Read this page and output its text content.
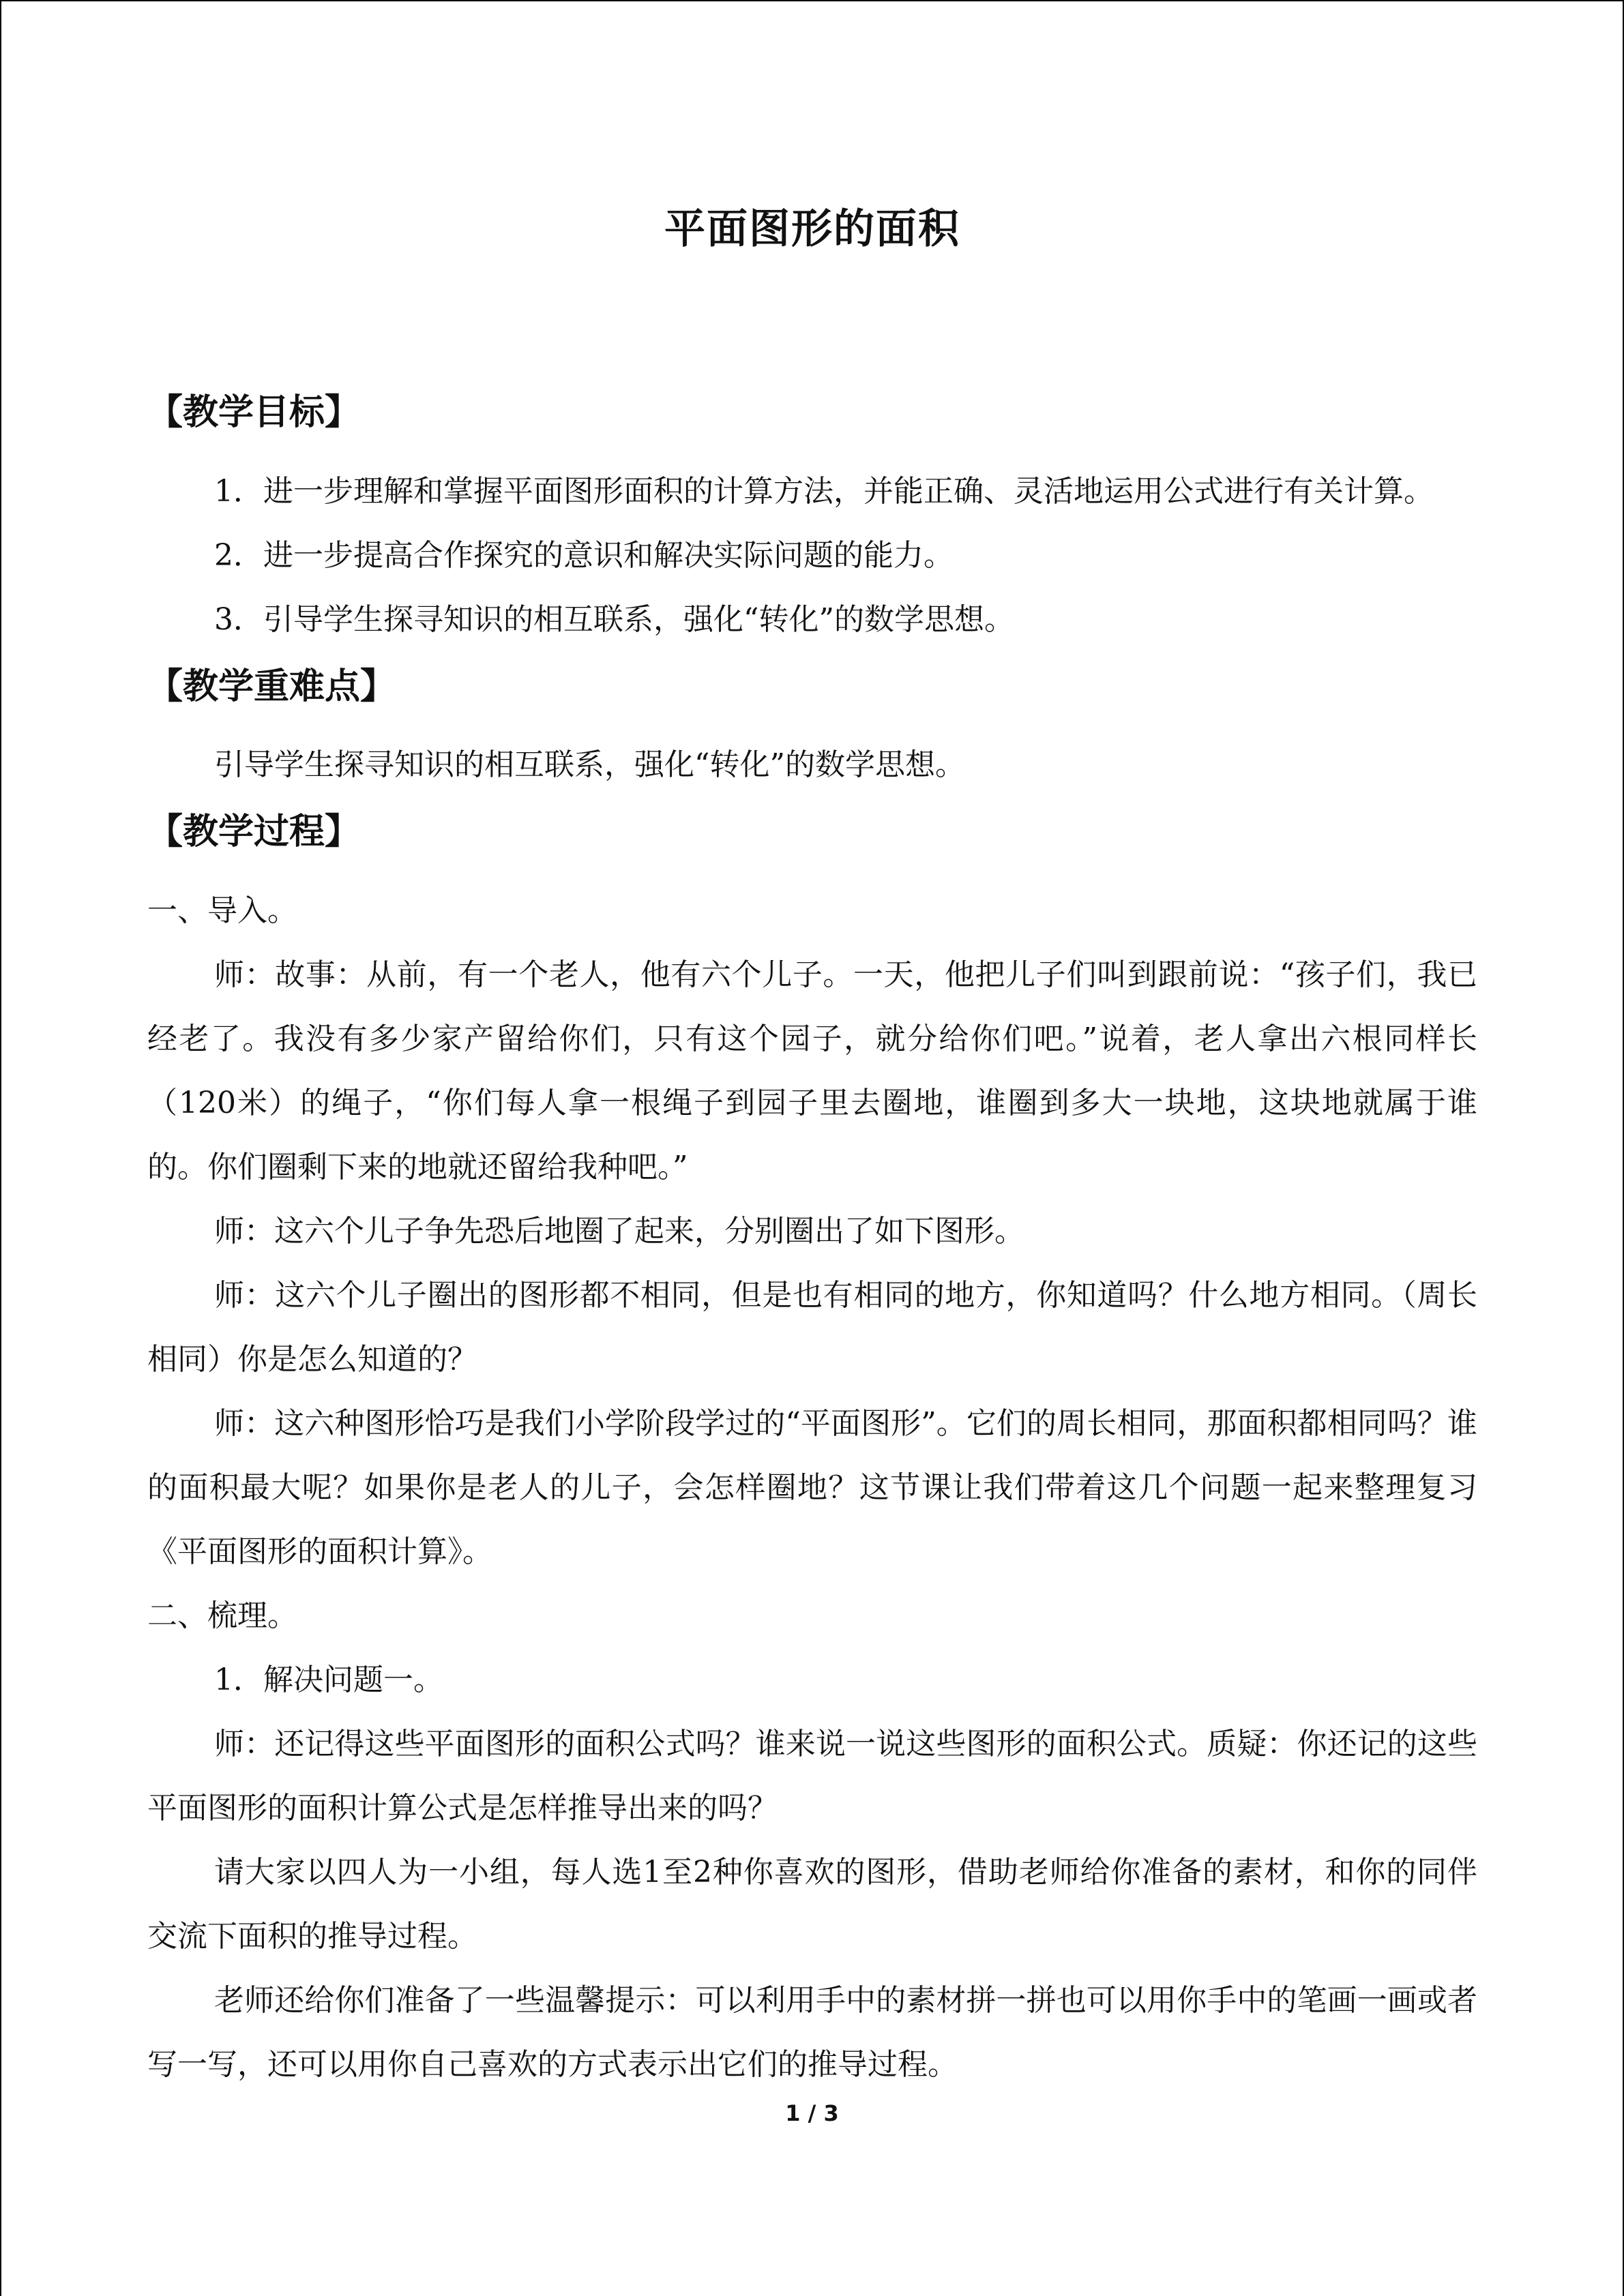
平面图形的面积
【教学目标】

1．进一步理解和掌握平面图形面积的计算方法，并能正确、灵活地运用公式进行有关计算。

2．进一步提高合作探究的意识和解决实际问题的能力。

3．引导学生探寻知识的相互联系，强化“转化”的数学思想。

【教学重难点】

引导学生探寻知识的相互联系，强化“转化”的数学思想。

【教学过程】

一、导入。

师：故事：从前，有一个老人，他有六个儿子。一天，他把儿子们叫到跟前说：“孩子们，我已经老了。我没有多少家产留给你们，只有这个园子，就分给你们吧。”说着，老人拿出六根同样长（120米）的绳子，“你们每人拿一根绳子到园子里去圈地，谁圈到多大一块地，这块地就属于谁的。你们圈剩下来的地就还留给我种吧。”

师：这六个儿子争先恐后地圈了起来，分别圈出了如下图形。

师：这六个儿子圈出的图形都不相同，但是也有相同的地方，你知道吗？什么地方相同。（周长相同）你是怎么知道的？

师：这六种图形恰巧是我们小学阶段学过的“平面图形”。它们的周长相同，那面积都相同吗？谁的面积最大呢？如果你是老人的儿子，会怎样圈地？这节课让我们带着这几个问题一起来整理复习《平面图形的面积计算》。

二、梳理。

1．解决问题一。

师：还记得这些平面图形的面积公式吗？谁来说一说这些图形的面积公式。质疑：你还记的这些平面图形的面积计算公式是怎样推导出来的吗？

请大家以四人为一小组，每人选1至2种你喜欢的图形，借助老师给你准备的素材，和你的同伴交流下面积的推导过程。

老师还给你们准备了一些温馨提示：可以利用手中的素材拼一拼也可以用你手中的笔画一画或者写一写，还可以用你自己喜欢的方式表示出它们的推导过程。

1 / 3
